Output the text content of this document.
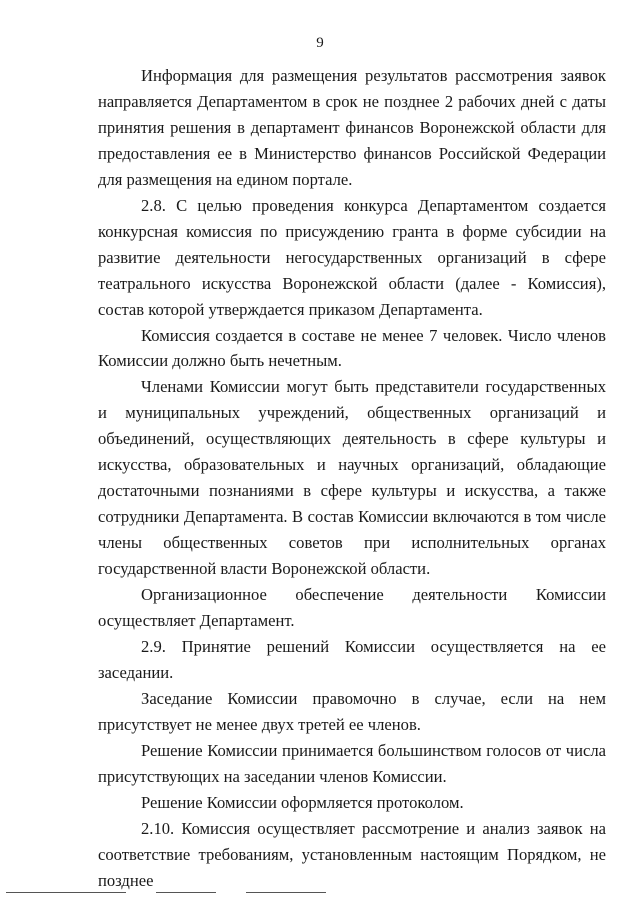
9

Информация для размещения результатов рассмотрения заявок направляется Департаментом в срок не позднее 2 рабочих дней с даты принятия решения в департамент финансов Воронежской области для предоставления ее в Министерство финансов Российской Федерации для размещения на едином портале.

2.8. С целью проведения конкурса Департаментом создается конкурсная комиссия по присуждению гранта в форме субсидии на развитие деятельности негосударственных организаций в сфере театрального искусства Воронежской области (далее - Комиссия), состав которой утверждается приказом Департамента.

Комиссия создается в составе не менее 7 человек. Число членов Комиссии должно быть нечетным.

Членами Комиссии могут быть представители государственных и муниципальных учреждений, общественных организаций и объединений, осуществляющих деятельность в сфере культуры и искусства, образовательных и научных организаций, обладающие достаточными познаниями в сфере культуры и искусства, а также сотрудники Департамента. В состав Комиссии включаются в том числе члены общественных советов при исполнительных органах государственной власти Воронежской области.

Организационное обеспечение деятельности Комиссии осуществляет Департамент.

2.9. Принятие решений Комиссии осуществляется на ее заседании.

Заседание Комиссии правомочно в случае, если на нем присутствует не менее двух третей ее членов.

Решение Комиссии принимается большинством голосов от числа присутствующих на заседании членов Комиссии.

Решение Комиссии оформляется протоколом.

2.10. Комиссия осуществляет рассмотрение и анализ заявок на соответствие требованиям, установленным настоящим Порядком, не позднее
